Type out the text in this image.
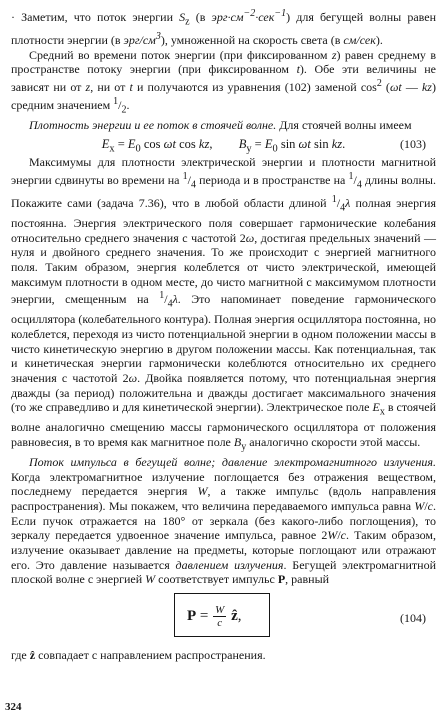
· Заметим, что поток энергии $S_z$ (в $эрг\cdot см^{-2}\cdot сек^{-1}$) для бегущей волны равен плотности энергии (в эрг/$см^3$), умноженной на скорость света (в см/сек).

Средний во времени поток энергии (при фиксированном z) равен среднему в пространстве потоку энергии (при фиксированном t). Обе эти величины не зависят ни от z, ни от t и получаются из уравнения (102) заменой $\cos^2 (\omega t$ — kz) средним значением $^1/_2$.

Плотность энергии и ее поток в стоячей волне. Для стоячей волны имеем

$E_x = E_0$ cos ωt cos kz, $B_y = E_0$ sin ωt sin kz.	(103)

Максимумы для плотности электрической энергии и плотности магнитной энергии сдвинуты во времени на $^1/_4$ периода и в пространстве на $^1/_4$ длины волны. Покажите сами (задача 7.36), что в любой области длиной $^1/_4\lambda$ полная энергия постоянна. Энергия электрического поля совершает гармонические колебания относительно среднего значения с частотой 2ω, достигая предельных значений — нуля и двойного среднего значения. То же происходит с энергией магнитного поля. Таким образом, энергия колеблется от чисто электрической, имеющей максимум плотности в одном месте, до чисто магнитной с максимумом плотности энергии, смещенным на $^1/_4\lambda$. Это напоминает поведение гармонического осциллятора (колебательного контура). Полная энергия осциллятора постоянна, но колеблется, переходя из чисто потенциальной энергии в одном положении массы в чисто кинетическую энергию в другом положении массы. Как потенциальная, так и кинетическая энергии гармонически колеблются относительно их среднего значения с частотой 2ω. Двойка появляется потому, что потенциальная энергия дважды (за период) положительна и дважды достигает максимального значения (то же справедливо и для кинетической энергии). Электрическое поле $E_x$ в стоячей волне аналогично смещению массы гармонического осциллятора от положения равновесия, в то время как магнитное поле $B_y$ аналогично скорости этой массы.

Поток импульса в бегущей волне; давление электромагнитного излучения. Когда электромагнитное излучение поглощается без отражения веществом, последнему передается энергия W, а также импульс (вдоль направления распространения). Мы покажем, что величина передаваемого импульса равна W/c. Если пучок отражается на 180° от зеркала (без какого-либо поглощения), то зеркалу передается удвоенное значение импульса, равное 2W/c. Таким образом, излучение оказывает давление на предметы, которые поглощают или отражают его. Это давление называется давлением излучения. Бегущей электромагнитной плоской волне с энергией W соответствует импульс P, равный

$P = \frac{W}{c}$ ẑ,	(104)

где ẑ совпадает с направлением распространения.

324
